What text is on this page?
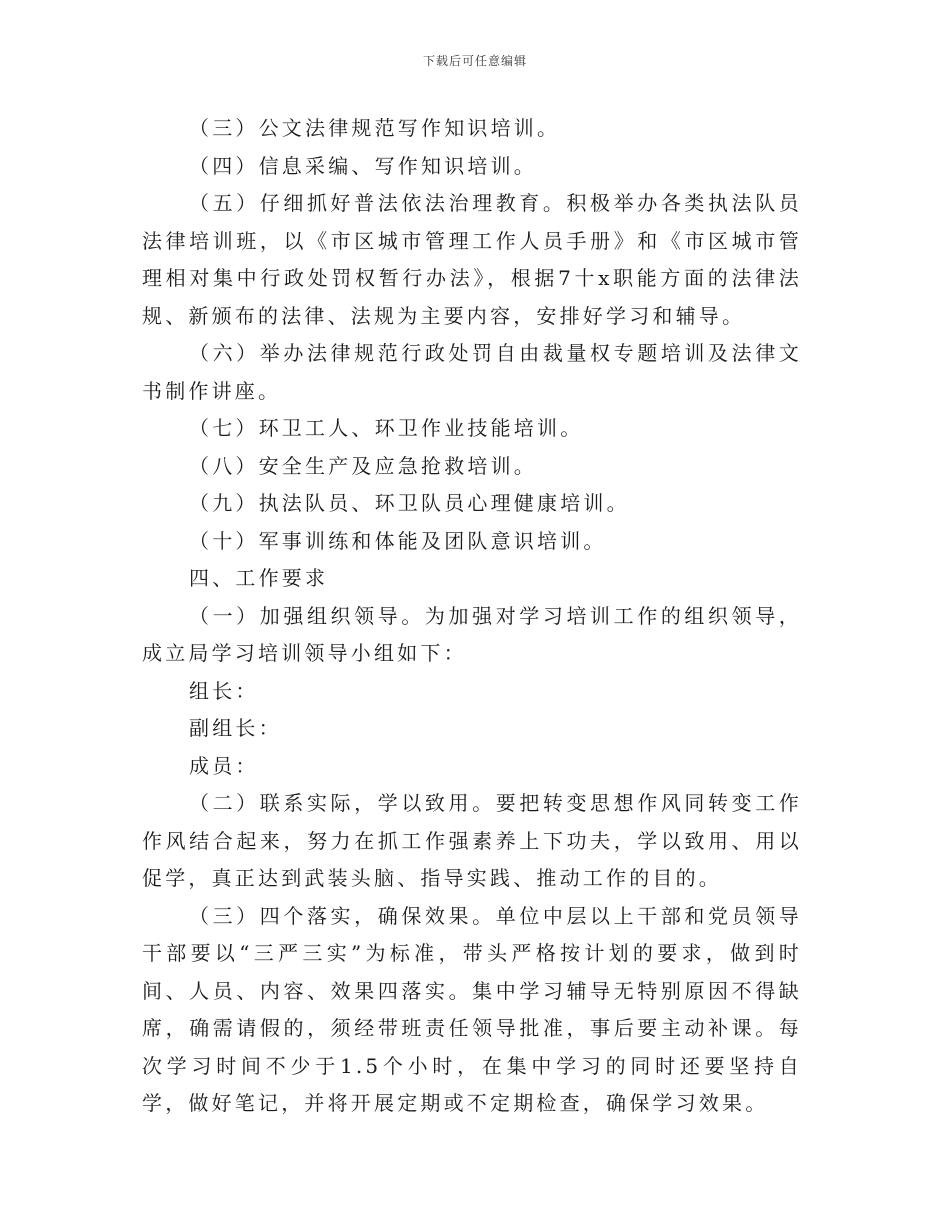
下载后可任意编辑

（三）公文法律规范写作知识培训。

（四）信息采编、写作知识培训。

（五）仔细抓好普法依法治理教育。积极举办各类执法队员法律培训班，以《市区城市管理工作人员手册》和《市区城市管理相对集中行政处罚权暂行办法》，根据7十x职能方面的法律法规、新颁布的法律、法规为主要内容，安排好学习和辅导。

（六）举办法律规范行政处罚自由裁量权专题培训及法律文书制作讲座。

（七）环卫工人、环卫作业技能培训。

（八）安全生产及应急抢救培训。

（九）执法队员、环卫队员心理健康培训。

（十）军事训练和体能及团队意识培训。

四、工作要求

（一）加强组织领导。为加强对学习培训工作的组织领导，成立局学习培训领导小组如下：

组长：

副组长：

成员：

（二）联系实际，学以致用。要把转变思想作风同转变工作作风结合起来，努力在抓工作强素养上下功夫，学以致用、用以促学，真正达到武装头脑、指导实践、推动工作的目的。

（三）四个落实，确保效果。单位中层以上干部和党员领导干部要以“三严三实”为标准，带头严格按计划的要求，做到时间、人员、内容、效果四落实。集中学习辅导无特别原因不得缺席，确需请假的，须经带班责任领导批准，事后要主动补课。每次学习时间不少于1.5个小时，在集中学习的同时还要坚持自学，做好笔记，并将开展定期或不定期检查，确保学习效果。
